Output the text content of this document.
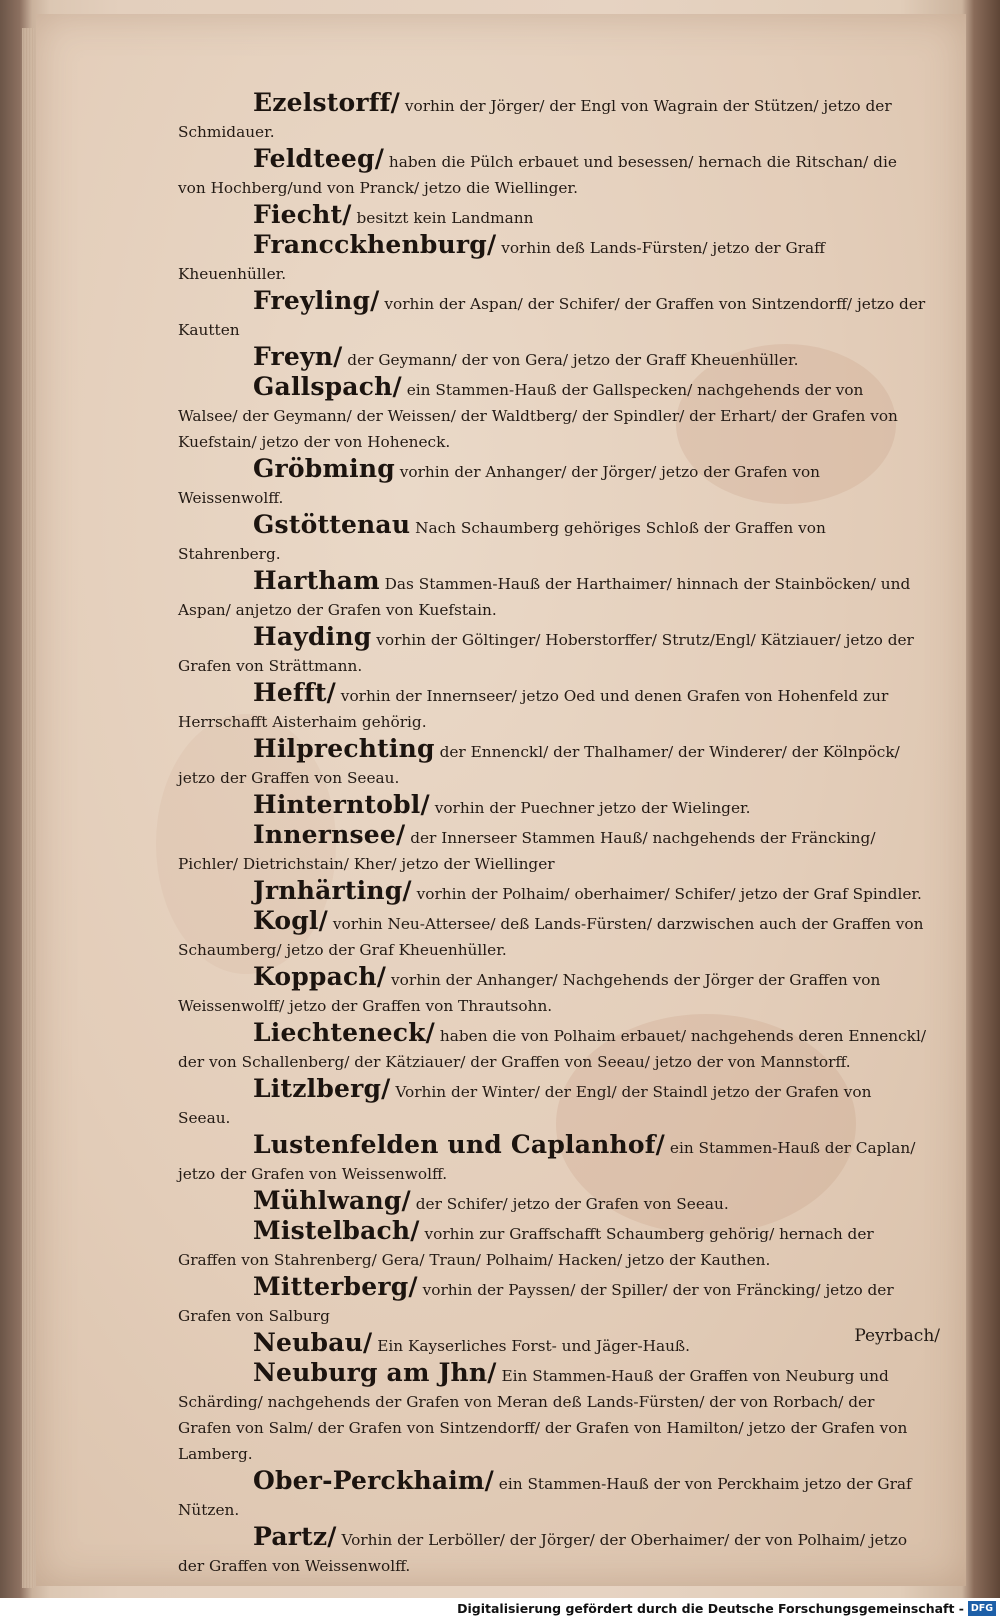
Ezelstorff/ vorhin der Jörger/ der Engl von Wagrain der Stützen/ jetzo der Schmidauer.

Feldteeg/ haben die Pülch erbauet und besessen/ hernach die Ritschan/ die von Hochberg/und von Pranck/ jetzo die Wiellinger.

Fiecht/ besitzt kein Landmann

Francckhenburg/ vorhin deß Lands-Fürsten/ jetzo der Graff Kheuenhüller.

Freyling/ vorhin der Aspan/ der Schifer/ der Graffen von Sintzendorff/ jetzo der Kautten

Freyn/ der Geymann/ der von Gera/ jetzo der Graff Kheuenhüller.

Gallspach/ ein Stammen-Hauß der Gallspecken/ nachgehends der von Walsee/ der Geymann/ der Weissen/ der Waldtberg/ der Spindler/ der Erhart/ der Grafen von Kuefstain/ jetzo der von Hoheneck.

Gröbming vorhin der Anhanger/ der Jörger/ jetzo der Grafen von Weissenwolff.

Gstöttenau Nach Schaumberg gehöriges Schloß der Graffen von Stahrenberg.

Hartham Das Stammen-Hauß der Harthaimer/ hinnach der Stainböcken/ und Aspan/ anjetzo der Grafen von Kuefstain.

Hayding vorhin der Göltinger/ Hoberstorffer/ Strutz/Engl/ Kätziauer/ jetzo der Grafen von Strättmann.

Hefft/ vorhin der Innernseer/ jetzo Oed und denen Grafen von Hohenfeld zur Herrschafft Aisterhaim gehörig.

Hilprechting der Ennenckl/ der Thalhamer/ der Winderer/ der Kölnpöck/ jetzo der Graffen von Seeau.

Hinterntobl/ vorhin der Puechner jetzo der Wielinger.

Innernsee/ der Innerseer Stammen Hauß/ nachgehends der Fräncking/ Pichler/ Dietrichstain/ Kher/ jetzo der Wiellinger

Jrnhärting/ vorhin der Polhaim/ oberhaimer/ Schifer/ jetzo der Graf Spindler.

Kogl/ vorhin Neu-Attersee/ deß Lands-Fürsten/ darzwischen auch der Graffen von Schaumberg/ jetzo der Graf Kheuenhüller.

Koppach/ vorhin der Anhanger/ Nachgehends der Jörger der Graffen von Weissenwolff/ jetzo der Graffen von Thrautsohn.

Liechteneck/ haben die von Polhaim erbauet/ nachgehends deren Ennenckl/ der von Schallenberg/ der Kätziauer/ der Graffen von Seeau/ jetzo der von Mannstorff.

Litzlberg/ Vorhin der Winter/ der Engl/ der Staindl jetzo der Grafen von Seeau.

Lustenfelden und Caplanhof/ ein Stammen-Hauß der Caplan/ jetzo der Grafen von Weissenwolff.

Mühlwang/ der Schifer/ jetzo der Grafen von Seeau.

Mistelbach/ vorhin zur Graffschafft Schaumberg gehörig/ hernach der Graffen von Stahrenberg/ Gera/ Traun/ Polhaim/ Hacken/ jetzo der Kauthen.

Mitterberg/ vorhin der Payssen/ der Spiller/ der von Fräncking/ jetzo der Grafen von Salburg

Neubau/ Ein Kayserliches Forst- und Jäger-Hauß.

Neuburg am Jhn/ Ein Stammen-Hauß der Graffen von Neuburg und Schärding/ nachgehends der Grafen von Meran deß Lands-Fürsten/ der von Rorbach/ der Grafen von Salm/ der Grafen von Sintzendorff/ der Grafen von Hamilton/ jetzo der Grafen von Lamberg.

Ober-Perckhaim/ ein Stammen-Hauß der von Perckhaim jetzo der Graf Nützen.

Partz/ Vorhin der Lerböller/ der Jörger/ der Oberhaimer/ der von Polhaim/ jetzo der Graffen von Weissenwolff.

Peyrbach/
Digitalisierung gefördert durch die Deutsche Forschungsgemeinschaft - DFG
